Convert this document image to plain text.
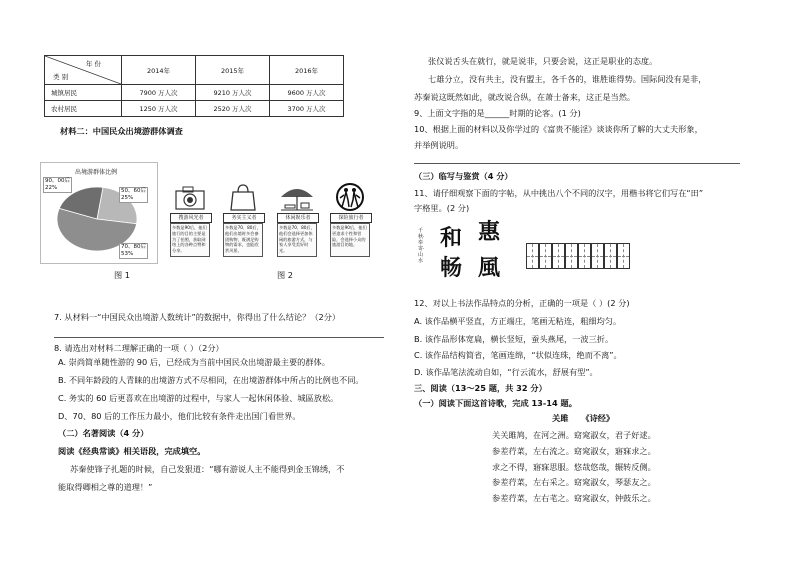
年 份
类 别	2014年	2015年	2016年
城镇居民	7900 万人次	9210 万人次	9600 万人次
农村居民	1250 万人次	2520 万人次	3700 万人次
材料二：中国民众出境游群体调查
出境游群体比例
50、60后
25%
90、00后
22%
70、80后
53%
图 1
搜游风光者	务实主义者	休闲娱乐者	探险旅行者
多数是90后，他们旅行的目的主要是为了拍照，获取网络上的各种点赞和分享。
多数是70、80后，他们出境时多会参团购物，既满足购物的需求，也能欣赏风景。
多数是70、80后，他们会选择更加休闲的旅游方式，与家人享受美好时光。
多数是90后，他们更追求个性和冒险，会选择小众的旅游目的地。
图 2
7. 从材料一“中国民众出境游人数统计”的数据中，你得出了什么结论？（2分）
8. 请选出对材料二理解正确的一项（ ）（2分）
A. 崇尚简单随性游的 90 后，已经成为当前中国民众出境游最主要的群体。
B. 不同年龄段的人青睐的出境游方式不尽相同，在出境游群体中所占的比例也不同。
C. 务实的 60 后更喜欢在出境游的过程中，与家人一起休闲体验、城區放松。
D、70、80 后的工作压力最小，他们比较有条件走出国门看世界。
（二）名著阅读（4 分）
阅读《经典常谈》相关语段，完成填空。
苏秦使锋子扎题的时候，自己发狠道：“哪有游说人主不能得到金玉锦绣，不
能取得卿相之尊的道理！”
张仪说舌头在就行，就是说非，只要会说，这正是职业的态度。
七雄分立，没有共主，没有盟主，各千各的，谁胜谁得势。国际间没有是非，
苏秦说这既然如此，就改说合纵，在萧士备来，这正是当然。
9、上面文字指的是______时期的论客。(1 分)
10、根据上面的材料以及你学过的《富贵不能淫》谈谈你所了解的大丈夫形象，
并举例说明。
（三）临写与鉴赏（4 分）
11、请仔细观察下面的字帖，从中挑出八个不同的汉字，用楷书将它们写在“田”
字格里。(2 分)
千秋·奉寄·山水
和 惠
畅 風
12、对以上书法作品特点的分析，正确的一项是（ ）(2 分)
A. 该作品横平竖直，方正端庄，笔画无粘连，粗细均匀。
B. 该作品形体宽扁，横长竖短，蚕头燕尾，一波三折。
C. 该作品结构简省，笔画连绵，“状似连珠，绝而不离”。
D. 该作品笔法流动自如，“行云流水，舒展有型”。
三、阅读（13～25 题，共 32 分）
（一）阅读下面这首诗歌，完成 13-14 题。
关雎 《诗经》
关关雎鸠，在河之洲。窈窕淑女，君子好逑。
参差荇菜，左右流之。窈窕淑女，寤寐求之。
求之不得，寤寐思服。悠哉悠哉，辗转反侧。
参差荇菜，左右采之。窈窕淑女，琴瑟友之。
参差荇菜，左右芼之。窈窕淑女，钟鼓乐之。
